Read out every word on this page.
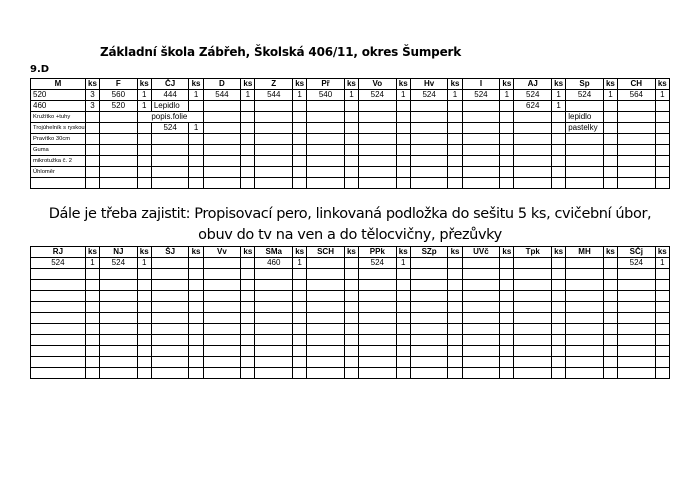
Základní škola Zábřeh, Školská 406/11, okres Šumperk
9.D
M	ks	F	ks	ČJ	ks	D	ks	Z	ks	Př	ks	Vo	ks	Hv	ks	I	ks	AJ	ks	Sp	ks	CH	ks
520	3	560	1	444	1	544	1	544	1	540	1	524	1	524	1	524	1	524	1	524	1	564	1
460	3	520	1	Lepidlo														624	1				
Kružítko +tuhy				popis.folie																lepidlo			
Trojúhelník s ryskou				524	1															pastelky			
Pravítko 30cm																							
Guma																							
mikrotužka č. 2																							
Úhloměr																							

Dále je třeba zajistit: Propisovací pero, linkovaná podložka do sešitu 5 ks, cvičební úbor, obuv do tv na ven a do tělocvičny, přezůvky
RJ	ks	NJ	ks	ŠJ	ks	Vv	ks	SMa	ks	SCH	ks	PPk	ks	SZp	ks	UVč	ks	Tpk	ks	MH	ks	SČj	ks
524	1	524	1					460	1			524	1									524	1
